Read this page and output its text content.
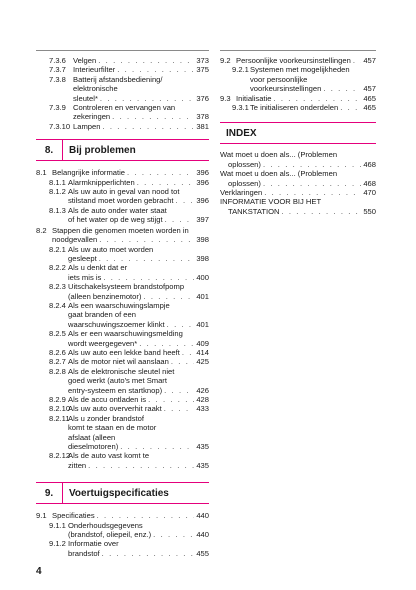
7.3.6 Velgen . . .	373
7.3.7 Interieurfilter . . .	375
7.3.8 Batterij afstandsbediening/
elektronische
sleutel* . . .	376
7.3.9 Controleren en vervangen van
zekeringen . . .	378
7.3.10 Lampen . . .	381
8.	Bij problemen
8.1 Belangrijke informatie . . .	396
8.1.1 Alarmknipperlichten . . .	396
8.1.2 Als uw auto in geval van nood tot
stilstand moet worden gebracht . . .	396
8.1.3 Als de auto onder water staat
of het water op de weg stijgt . . .	397
8.2 Stappen die genomen moeten worden in
noodgevallen . . .	398
8.2.1 Als uw auto moet worden
gesleept . . .	398
8.2.2 Als u denkt dat er
iets mis is . . .	400
8.2.3 Uitschakelsysteem brandstofpomp
(alleen benzinemotor) . . .	401
8.2.4 Als een waarschuwingslampje
gaat branden of een
waarschuwingszoemer klinkt . . .	401
8.2.5 Als er een waarschuwingsmelding
wordt weergegeven* . . .	409
8.2.6 Als uw auto een lekke band heeft . . . 414
8.2.7 Als de motor niet wil aanslaan . . .	425
8.2.8 Als de elektronische sleutel niet
goed werkt (auto's met Smart
entry-systeem en startknop) . . .	426
8.2.9 Als de accu ontladen is . . .	428
8.2.10
Als uw auto oververhit raakt . . .	433
8.2.11
Als u zonder brandstof
komt te staan en de motor
afslaat (alleen
dieselmotoren) . . .	435
8.2.12
Als de auto vast komt te
zitten . . .	435
9.	Voertuigspecificaties
9.1 Specificaties . . .	440
9.1.1 Onderhoudsgegevens
(brandstof, oliepeil, enz.) . . .	440
9.1.2 Informatie over
brandstof . . .	455
9.2 Persoonlijke voorkeursinstellingen . . . 457
9.2.1 Systemen met mogelijkheden
voor persoonlijke
voorkeursinstellingen . . .	457
9.3 Initialisatie . . .	465
9.3.1 Te initialiseren onderdelen . . .	465
INDEX
Wat moet u doen als... (Problemen
oplossen) . . .	468
Wat moet u doen als... (Problemen
oplossen) . . .	468
Verklaringen . . .	470
INFORMATIE VOOR BIJ HET
TANKSTATION . . .	550
4
